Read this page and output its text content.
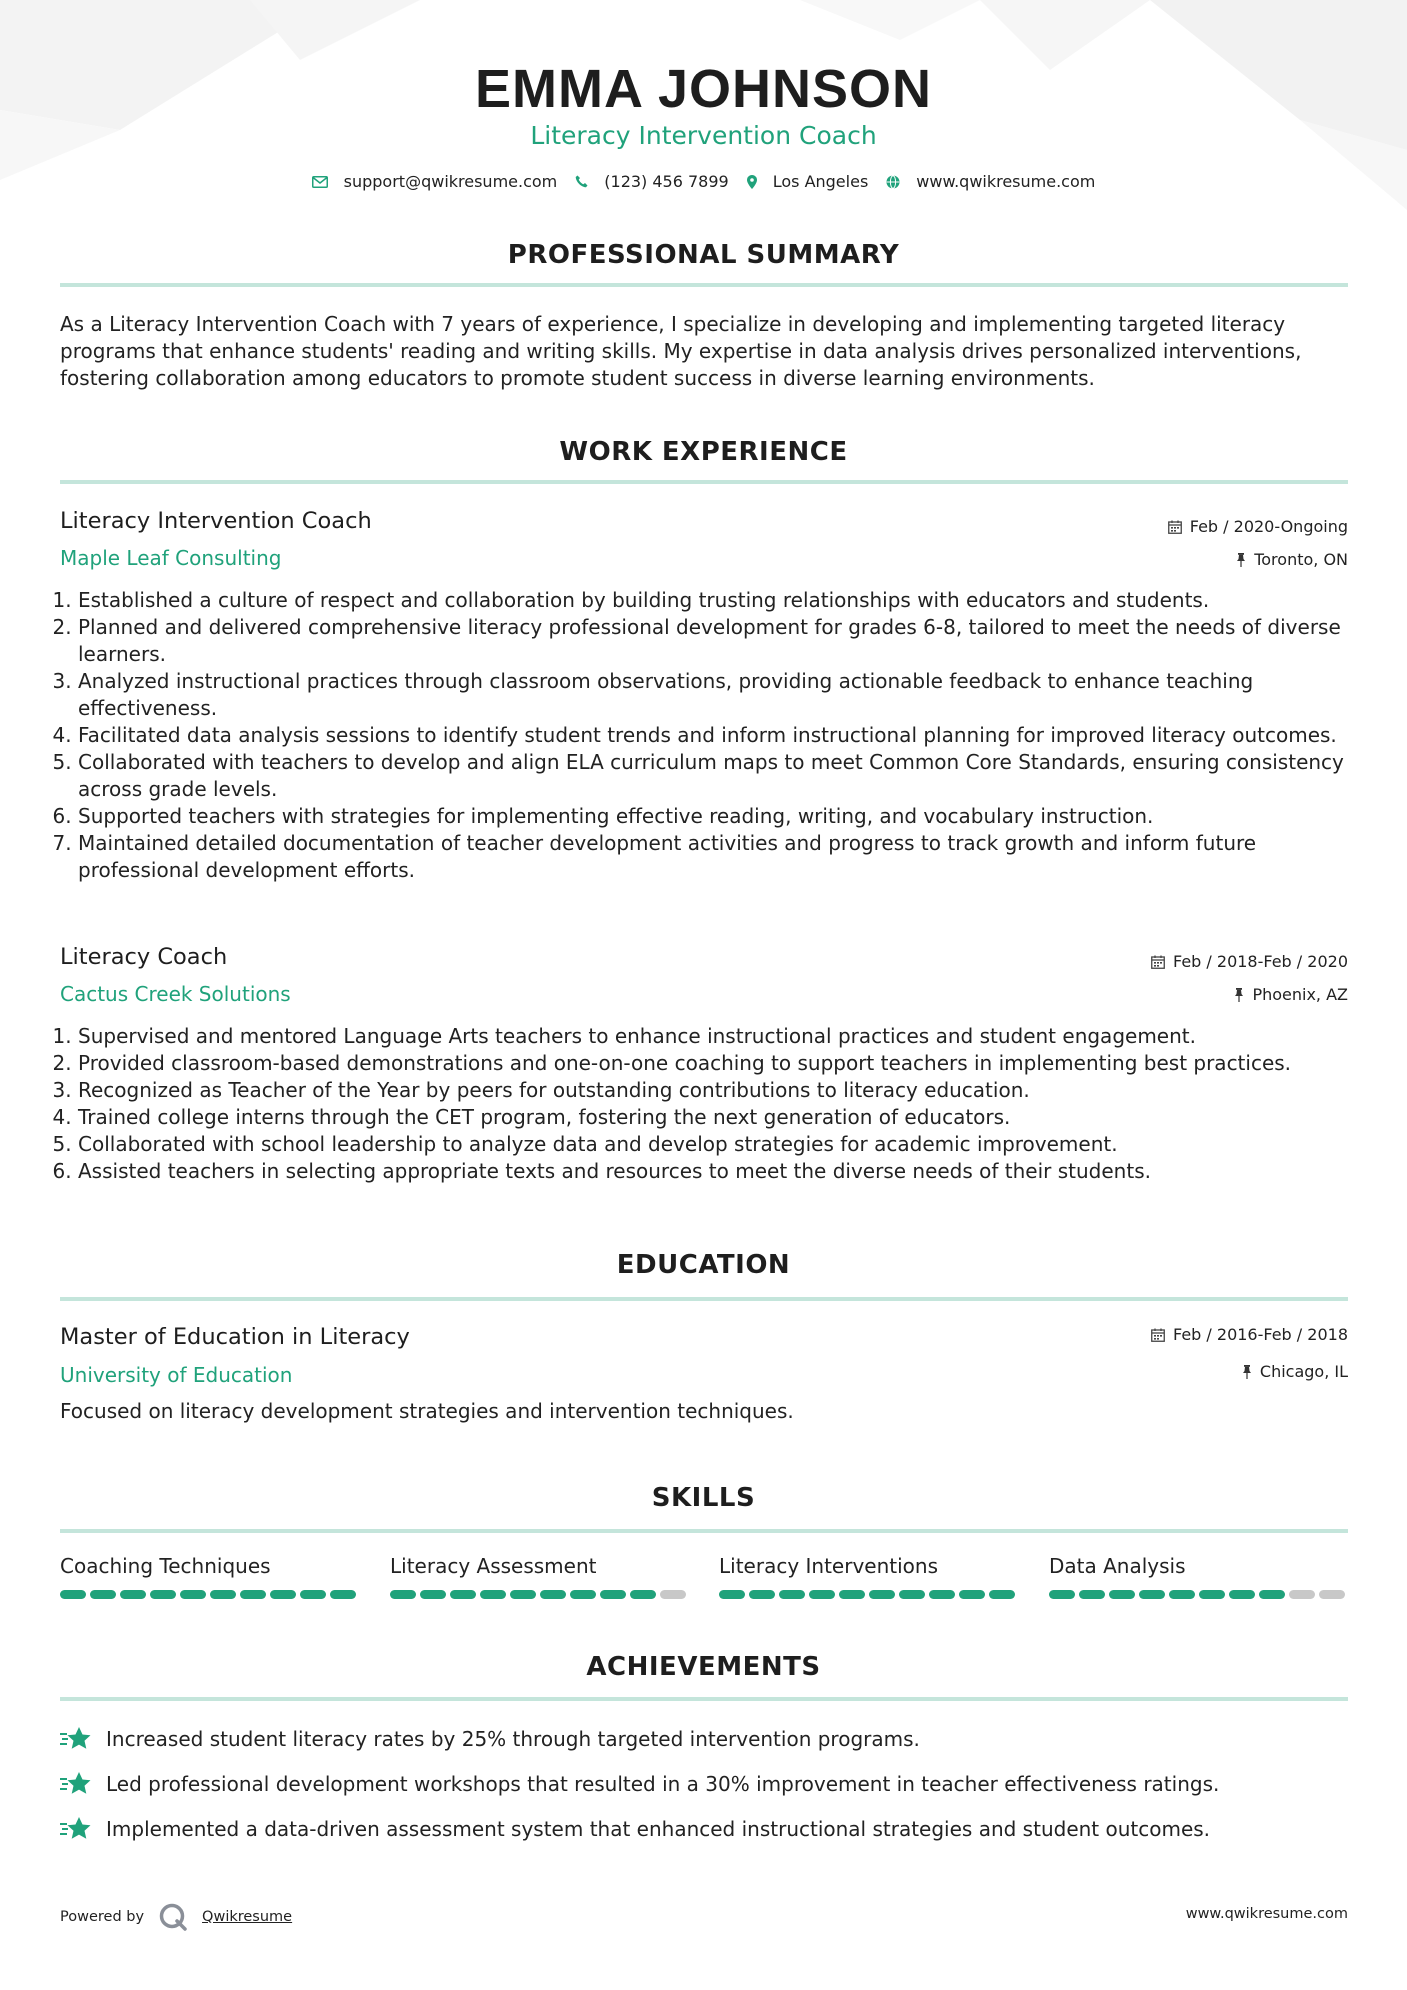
EMMA JOHNSON
Literacy Intervention Coach
support@qwikresume.com	(123) 456 7899	Los Angeles	www.qwikresume.com
PROFESSIONAL SUMMARY
As a Literacy Intervention Coach with 7 years of experience, I specialize in developing and implementing targeted literacy
programs that enhance students' reading and writing skills. My expertise in data analysis drives personalized interventions,
fostering collaboration among educators to promote student success in diverse learning environments.
WORK EXPERIENCE
Literacy Intervention Coach
Maple Leaf Consulting
Feb / 2020-Ongoing
Toronto, ON
1. Established a culture of respect and collaboration by building trusting relationships with educators and students.
2. Planned and delivered comprehensive literacy professional development for grades 6-8, tailored to meet the needs of diverse learners.
3. Analyzed instructional practices through classroom observations, providing actionable feedback to enhance teaching effectiveness.
4. Facilitated data analysis sessions to identify student trends and inform instructional planning for improved literacy outcomes.
5. Collaborated with teachers to develop and align ELA curriculum maps to meet Common Core Standards, ensuring consistency across grade levels.
6. Supported teachers with strategies for implementing effective reading, writing, and vocabulary instruction.
7. Maintained detailed documentation of teacher development activities and progress to track growth and inform future professional development efforts.
Literacy Coach
Cactus Creek Solutions
Feb / 2018-Feb / 2020
Phoenix, AZ
1. Supervised and mentored Language Arts teachers to enhance instructional practices and student engagement.
2. Provided classroom-based demonstrations and one-on-one coaching to support teachers in implementing best practices.
3. Recognized as Teacher of the Year by peers for outstanding contributions to literacy education.
4. Trained college interns through the CET program, fostering the next generation of educators.
5. Collaborated with school leadership to analyze data and develop strategies for academic improvement.
6. Assisted teachers in selecting appropriate texts and resources to meet the diverse needs of their students.
EDUCATION
Master of Education in Literacy
University of Education
Feb / 2016-Feb / 2018
Chicago, IL
Focused on literacy development strategies and intervention techniques.
SKILLS
Coaching Techniques	Literacy Assessment	Literacy Interventions	Data Analysis
ACHIEVEMENTS
Increased student literacy rates by 25% through targeted intervention programs.
Led professional development workshops that resulted in a 30% improvement in teacher effectiveness ratings.
Implemented a data-driven assessment system that enhanced instructional strategies and student outcomes.
Powered by	Qwikresume	www.qwikresume.com
